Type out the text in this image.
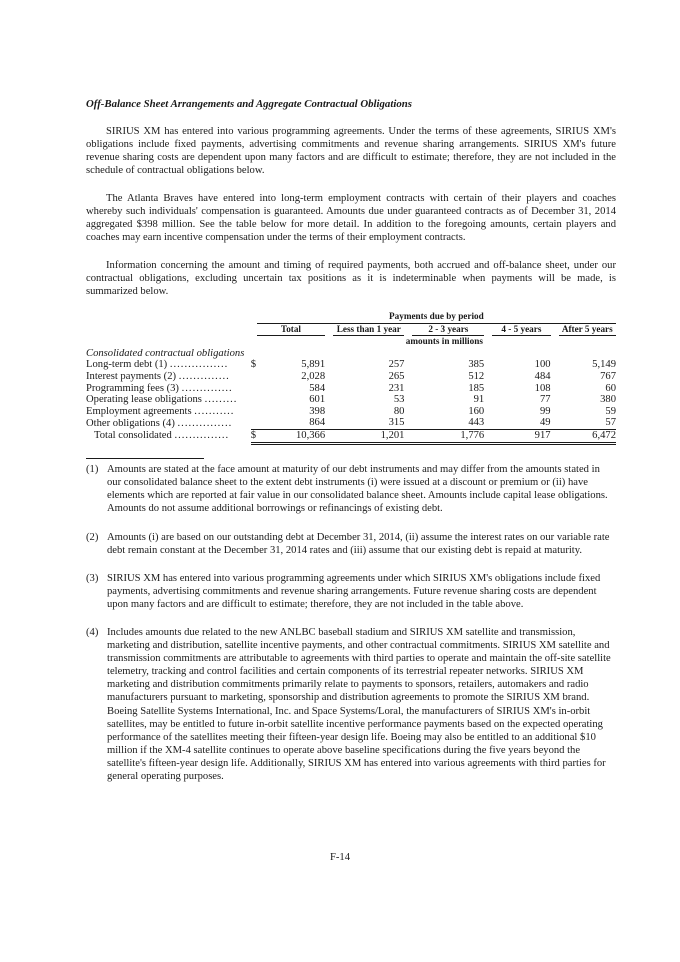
Off-Balance Sheet Arrangements and Aggregate Contractual Obligations
SIRIUS XM has entered into various programming agreements. Under the terms of these agreements, SIRIUS XM's obligations include fixed payments, advertising commitments and revenue sharing arrangements. SIRIUS XM's future revenue sharing costs are dependent upon many factors and are difficult to estimate; therefore, they are not included in the schedule of contractual obligations below.
The Atlanta Braves have entered into long-term employment contracts with certain of their players and coaches whereby such individuals' compensation is guaranteed. Amounts due under guaranteed contracts as of December 31, 2014 aggregated $398 million. See the table below for more detail. In addition to the foregoing amounts, certain players and coaches may earn incentive compensation under the terms of their employment contracts.
Information concerning the amount and timing of required payments, both accrued and off-balance sheet, under our contractual obligations, excluding uncertain tax positions as it is indeterminable when payments will be made, is summarized below.

	Payments due by period					

	Total		Less than 1 year	2 - 3 years	4 - 5 years	After 5 years

				amounts in millions		
Consolidated contractual obligations						
Long-term debt (1) ................	$	5,891	257	385	100	5,149
Interest payments (2) ..............		2,028	265	512	484	767
Programming fees (3) ..............		584	231	185	108	60
Operating lease obligations .........		601	53	91	77	380
Employment agreements ...........		398	80	160	99	59
Other obligations (4) ...............		864	315	443	49	57
Total consolidated ...............	$	10,366	1,201	1,776	917	6,472
(1) Amounts are stated at the face amount at maturity of our debt instruments and may differ from the amounts stated in our consolidated balance sheet to the extent debt instruments (i) were issued at a discount or premium or (ii) have elements which are reported at fair value in our consolidated balance sheet. Amounts include capital lease obligations. Amounts do not assume additional borrowings or refinancings of existing debt.
(2) Amounts (i) are based on our outstanding debt at December 31, 2014, (ii) assume the interest rates on our variable rate debt remain constant at the December 31, 2014 rates and (iii) assume that our existing debt is repaid at maturity.
(3) SIRIUS XM has entered into various programming agreements under which SIRIUS XM's obligations include fixed payments, advertising commitments and revenue sharing arrangements. Future revenue sharing costs are dependent upon many factors and are difficult to estimate; therefore, they are not included in the table above.
(4) Includes amounts due related to the new ANLBC baseball stadium and SIRIUS XM satellite and transmission, marketing and distribution, satellite incentive payments, and other contractual commitments. SIRIUS XM satellite and transmission commitments are attributable to agreements with third parties to operate and maintain the off-site satellite telemetry, tracking and control facilities and certain components of its terrestrial repeater networks. SIRIUS XM marketing and distribution commitments primarily relate to payments to sponsors, retailers, automakers and radio manufacturers pursuant to marketing, sponsorship and distribution agreements to promote the SIRIUS XM brand. Boeing Satellite Systems International, Inc. and Space Systems/Loral, the manufacturers of SIRIUS XM's in-orbit satellites, may be entitled to future in-orbit satellite incentive performance payments based on the expected operating performance of the satellites meeting their fifteen-year design life. Boeing may also be entitled to an additional $10 million if the XM-4 satellite continues to operate above baseline specifications during the five years beyond the satellite's fifteen-year design life. Additionally, SIRIUS XM has entered into various agreements with third parties for general operating purposes.
F-14
